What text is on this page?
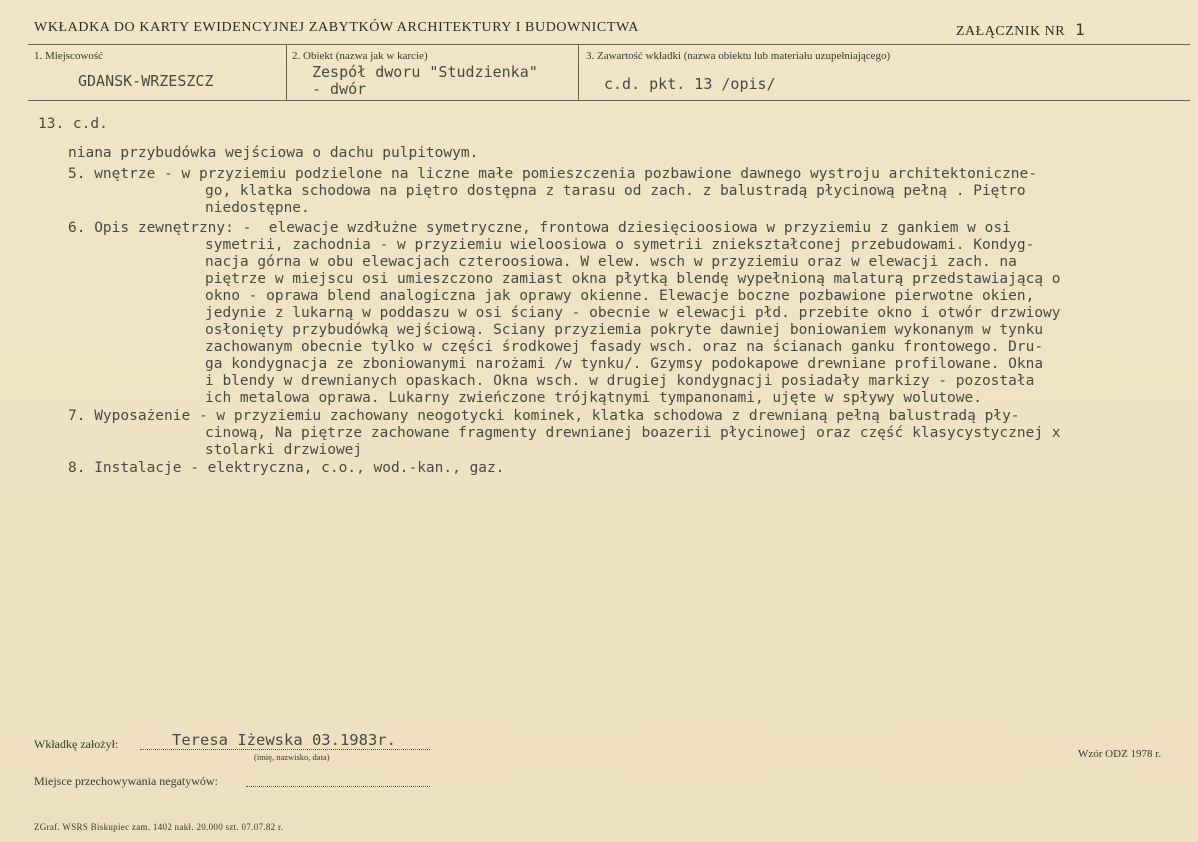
WKŁADKA DO KARTY EWIDENCYJNEJ ZABYTKÓW ARCHITEKTURY I BUDOWNICTWA	ZAŁĄCZNIK NR 1
1. Miejscowość
GDANSK-WRZESZCZ
2. Obiekt (nazwa jak w karcie)
Zespół dworu "Studzienka"
- dwór
3. Zawartość wkładki (nazwa obiektu lub materiału uzupełniającego)
c.d. pkt. 13 /opis/

13. c.d.

niana przybudówka wejściowa o dachu pulpitowym.

5. wnętrze - w przyziemiu podzielone na liczne małe pomieszczenia pozbawione dawnego wystroju architektoniczne-

go, klatka schodowa na piętro dostępna z tarasu od zach. z balustradą płycinową pełną . Piętro

niedostępne.

6. Opis zewnętrzny: -  elewacje wzdłużne symetryczne, frontowa dziesięcioosiowa w przyziemiu z gankiem w osi

symetrii, zachodnia - w przyziemiu wieloosiowa o symetrii zniekształconej przebudowami. Kondyg-

nacja górna w obu elewacjach czteroosiowa. W elew. wsch w przyziemiu oraz w elewacji zach. na

piętrze w miejscu osi umieszczono zamiast okna płytką blendę wypełnioną malaturą przedstawiającą o

okno - oprawa blend analogiczna jak oprawy okienne. Elewacje boczne pozbawione pierwotne okien,

jedynie z lukarną w poddaszu w osi ściany - obecnie w elewacji płd. przebite okno i otwór drzwiowy

osłonięty przybudówką wejściową. Sciany przyziemia pokryte dawniej boniowaniem wykonanym w tynku

zachowanym obecnie tylko w części środkowej fasady wsch. oraz na ścianach ganku frontowego. Dru-

ga kondygnacja ze zboniowanymi narożami /w tynku/. Gzymsy podokapowe drewniane profilowane. Okna

i blendy w drewnianych opaskach. Okna wsch. w drugiej kondygnacji posiadały markizy - pozostała

ich metalowa oprawa. Lukarny zwieńczone trójkątnymi tympanonami, ujęte w spływy wolutowe.

7. Wyposażenie - w przyziemiu zachowany neogotycki kominek, klatka schodowa z drewnianą pełną balustradą pły-

cinową, Na piętrze zachowane fragmenty drewnianej boazerii płycinowej oraz część klasycystycznej x

stolarki drzwiowej

8. Instalacje - elektryczna, c.o., wod.-kan., gaz.

Wkładkę założył:	Teresa Iżewska 03.1983r.
(imię, nazwisko, data)
Miejsce przechowywania negatywów:
Wzór ODZ 1978 r.
ZGraf. WSRS Biskupiec zam. 1402 nakł. 20.000 szt. 07.07.82 r.
